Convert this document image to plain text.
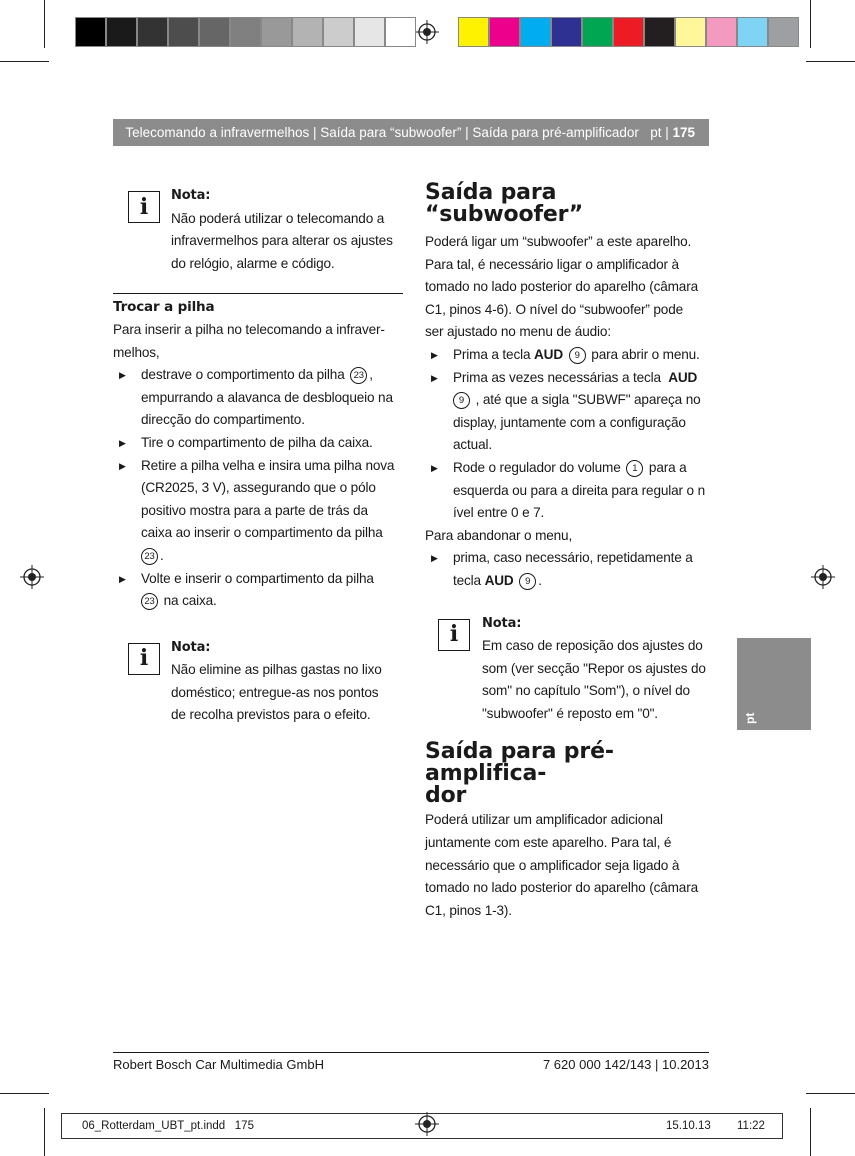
Telecomando a infravermelhos | Saída para “subwoofer” | Saída para pré-amplificador pt | 175
i	Nota:

Não poderá utilizar o telecomando a

infravermelhos para alterar os ajustes

do relógio, alarme e código.

Trocar a pilha

Para inserir a pilha no telecomando a infraver-

melhos,

▶ destrave o comportimento da pilha 23 ,

empurrando a alavanca de desbloqueio na

direcção do compartimento.

▶ Tire o compartimento de pilha da caixa.

▶ Retire a pilha velha e insira uma pilha nova

(CR2025, 3 V), assegurando que o pólo

positivo mostra para a parte de trás da

caixa ao inserir o compartimento da pilha

23 .

▶ Volte e inserir o compartimento da pilha

23 na caixa.

i	Nota:

Não elimine as pilhas gastas no lixo

doméstico; entregue-as nos pontos

de recolha previstos para o efeito.

Saída para “subwoofer”

Poderá ligar um “subwoofer” a este aparelho.

Para tal, é necessário ligar o amplificador à

tomado no lado posterior do aparelho (câmara

C1, pinos 4-6). O nível do “subwoofer” pode

ser ajustado no menu de áudio:

▶ Prima a tecla AUD 9 para abrir o menu.

▶ Prima as vezes necessárias a tecla  AUD

9 , até que a sigla "SUBWF" apareça no

display, juntamente com a configuração

actual.

▶ Rode o regulador do volume 1 para a

esquerda ou para a direita para regular o n

ível entre 0 e 7.

Para abandonar o menu,

▶ prima, caso necessário, repetidamente a

tecla AUD 9 .

i	Nota:

Em caso de reposição dos ajustes do

som (ver secção "Repor os ajustes do

som" no capítulo "Som"), o nível do

"subwoofer" é reposto em "0".

Saída para pré-amplifica-
dor

Poderá utilizar um amplificador adicional

juntamente com este aparelho. Para tal, é

necessário que o amplificador seja ligado à

tomado no lado posterior do aparelho (câmara

C1, pinos 1-3).

pt
Robert Bosch Car Multimedia GmbH	7 620 000 142/143 | 10.2013
06_Rotterdam_UBT_pt.indd   175	15.10.13 11:22
